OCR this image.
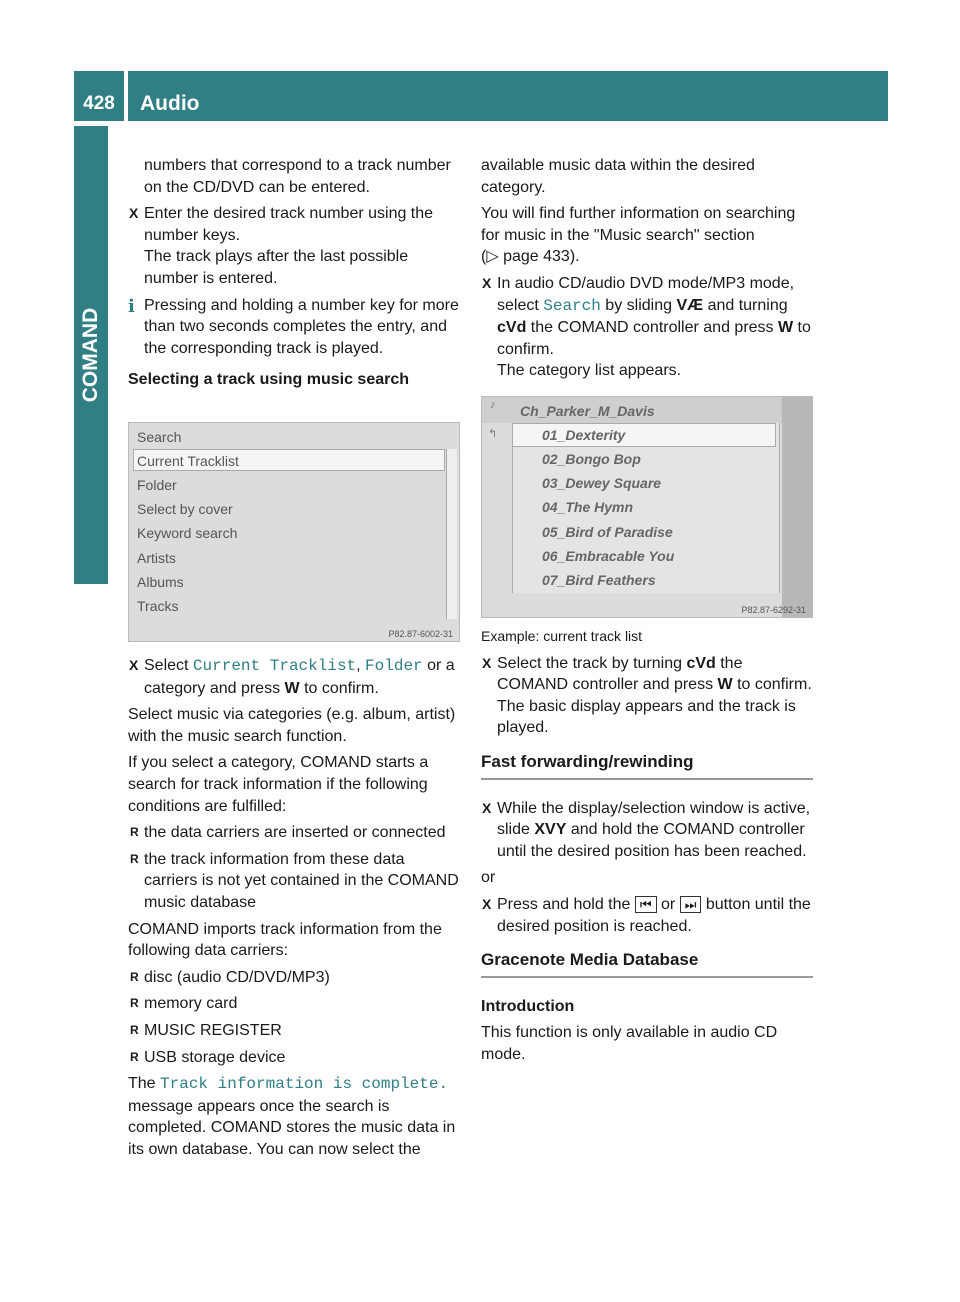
428	Audio
COMAND

numbers that correspond to a track number on the CD/DVD can be entered.

X Enter the desired track number using the number keys.
The track plays after the last possible number is entered.
i Pressing and holding a number key for more than two seconds completes the entry, and the corresponding track is played.

Selecting a track using music search

Search
Current Tracklist
Folder
Select by cover
Keyword search
Artists
Albums
Tracks
P82.87-6002-31
X Select Current Tracklist, Folder or a category and press W to confirm.

Select music via categories (e.g. album, artist) with the music search function.

If you select a category, COMAND starts a search for track information if the following conditions are fulfilled:

R the data carriers are inserted or connected
R the track information from these data carriers is not yet contained in the COMAND music database

COMAND imports track information from the following data carriers:

R disc (audio CD/DVD/MP3)
R memory card
R MUSIC REGISTER
R USB storage device

The Track information is complete. message appears once the search is completed. COMAND stores the music data in its own database. You can now select the

available music data within the desired category.

You will find further information on searching for music in the "Music search" section
(▷ page 433).

X In audio CD/audio DVD mode/MP3 mode, select Search by sliding VÆ and turning cVd the COMAND controller and press W to confirm.
The category list appears.
♪ Ch_Parker_M_Davis
↰	01_Dexterity
02_Bongo Bop
03_Dewey Square
04_The Hymn
05_Bird of Paradise
06_Embracable You
07_Bird Feathers
P82.87-6292-31

Example: current track list

X Select the track by turning cVd the COMAND controller and press W to confirm.
The basic display appears and the track is played.

Fast forwarding/rewinding

X While the display/selection window is active, slide XVY and hold the COMAND controller until the desired position has been reached.

or

X Press and hold the ⏮ or ⏭ button until the desired position is reached.

Gracenote Media Database

Introduction

This function is only available in audio CD mode.
